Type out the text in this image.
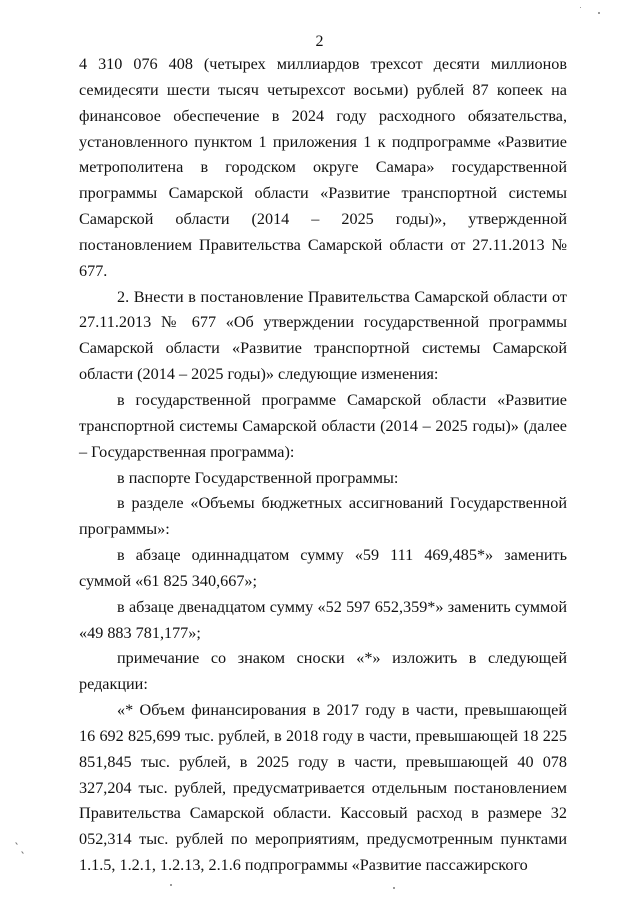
2

4 310 076 408 (четырех миллиардов трехсот десяти миллионов семидесяти шести тысяч четырехсот восьми) рублей 87 копеек на финансовое обеспечение в 2024 году расходного обязательства, установленного пунктом 1 приложения 1 к подпрограмме «Развитие метрополитена в городском округе Самара» государственной программы Самарской области «Развитие транспортной системы Самарской области (2014 – 2025 годы)», утвержденной постановлением Правительства Самарской области от 27.11.2013 № 677.

2. Внести в постановление Правительства Самарской области от 27.11.2013 № 677 «Об утверждении государственной программы Самарской области «Развитие транспортной системы Самарской области (2014 – 2025 годы)» следующие изменения:

в государственной программе Самарской области «Развитие транспортной системы Самарской области (2014 – 2025 годы)» (далее – Государственная программа):

в паспорте Государственной программы:

в разделе «Объемы бюджетных ассигнований Государственной программы»:

в абзаце одиннадцатом сумму «59 111 469,485*» заменить суммой «61 825 340,667»;

в абзаце двенадцатом сумму «52 597 652,359*» заменить суммой «49 883 781,177»;

примечание со знаком сноски «*» изложить в следующей редакции:

«* Объем финансирования в 2017 году в части, превышающей 16 692 825,699 тыс. рублей, в 2018 году в части, превышающей 18 225 851,845 тыс. рублей, в 2025 году в части, превышающей 40 078 327,204 тыс. рублей, предусматривается отдельным постановлением Правительства Самарской области. Кассовый расход в размере 32 052,314 тыс. рублей по мероприятиям, предусмотренным пунктами 1.1.5, 1.2.1, 1.2.13, 2.1.6 подпрограммы «Развитие пассажирского
